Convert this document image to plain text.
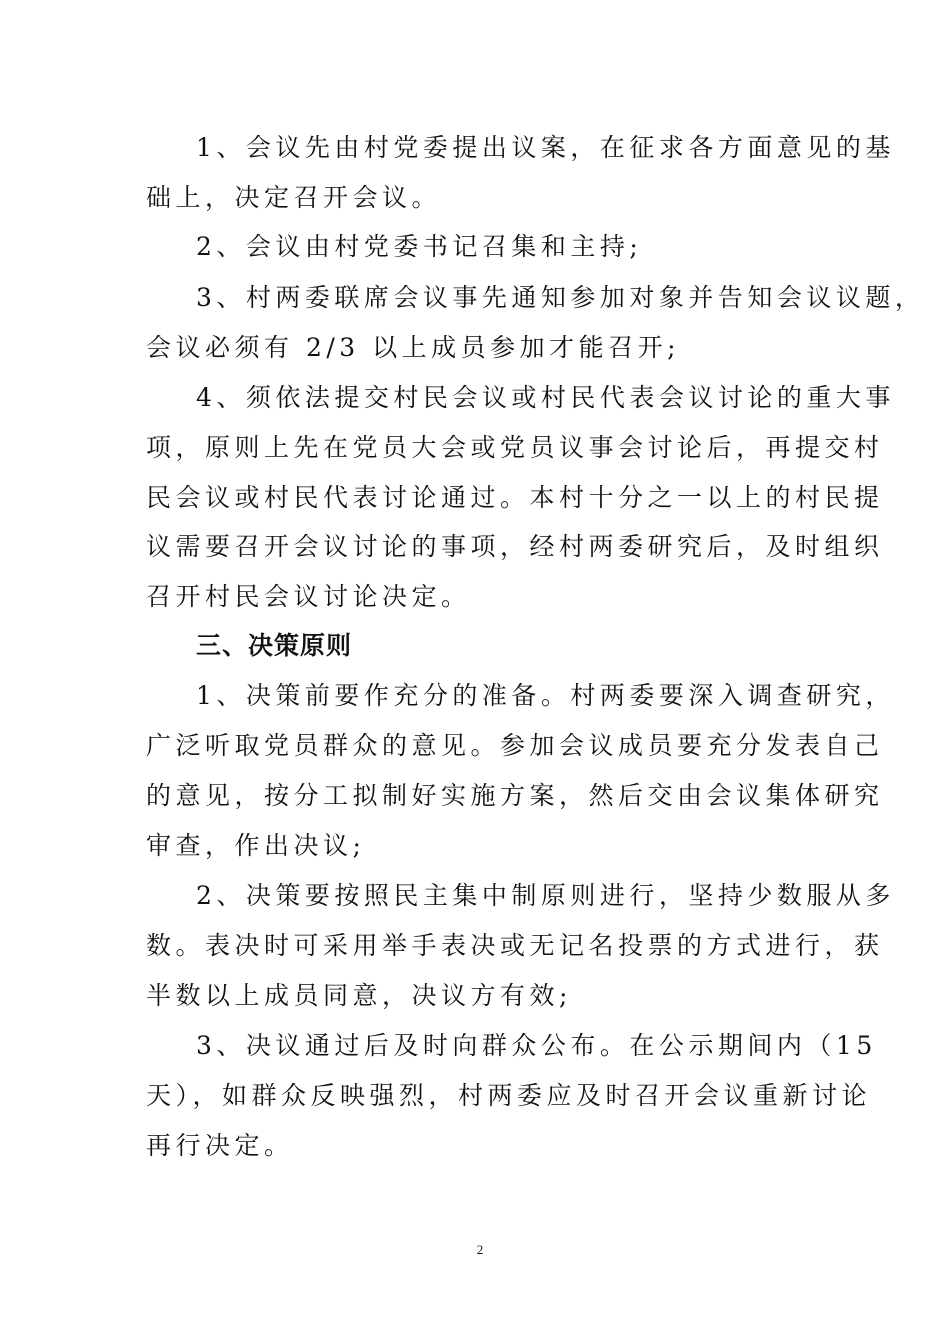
1、会议先由村党委提出议案，在征求各方面意见的基
础上，决定召开会议。
2、会议由村党委书记召集和主持;
3、村两委联席会议事先通知参加对象并告知会议议题，
会议必须有 2/3 以上成员参加才能召开;
4、须依法提交村民会议或村民代表会议讨论的重大事
项，原则上先在党员大会或党员议事会讨论后，再提交村
民会议或村民代表讨论通过。本村十分之一以上的村民提
议需要召开会议讨论的事项，经村两委研究后，及时组织
召开村民会议讨论决定。
三、决策原则
1、决策前要作充分的准备。村两委要深入调查研究，
广泛听取党员群众的意见。参加会议成员要充分发表自己
的意见，按分工拟制好实施方案，然后交由会议集体研究
审查，作出决议;
2、决策要按照民主集中制原则进行，坚持少数服从多
数。表决时可采用举手表决或无记名投票的方式进行，获
半数以上成员同意，决议方有效;
3、决议通过后及时向群众公布。在公示期间内（15
天），如群众反映强烈，村两委应及时召开会议重新讨论
再行决定。
2
